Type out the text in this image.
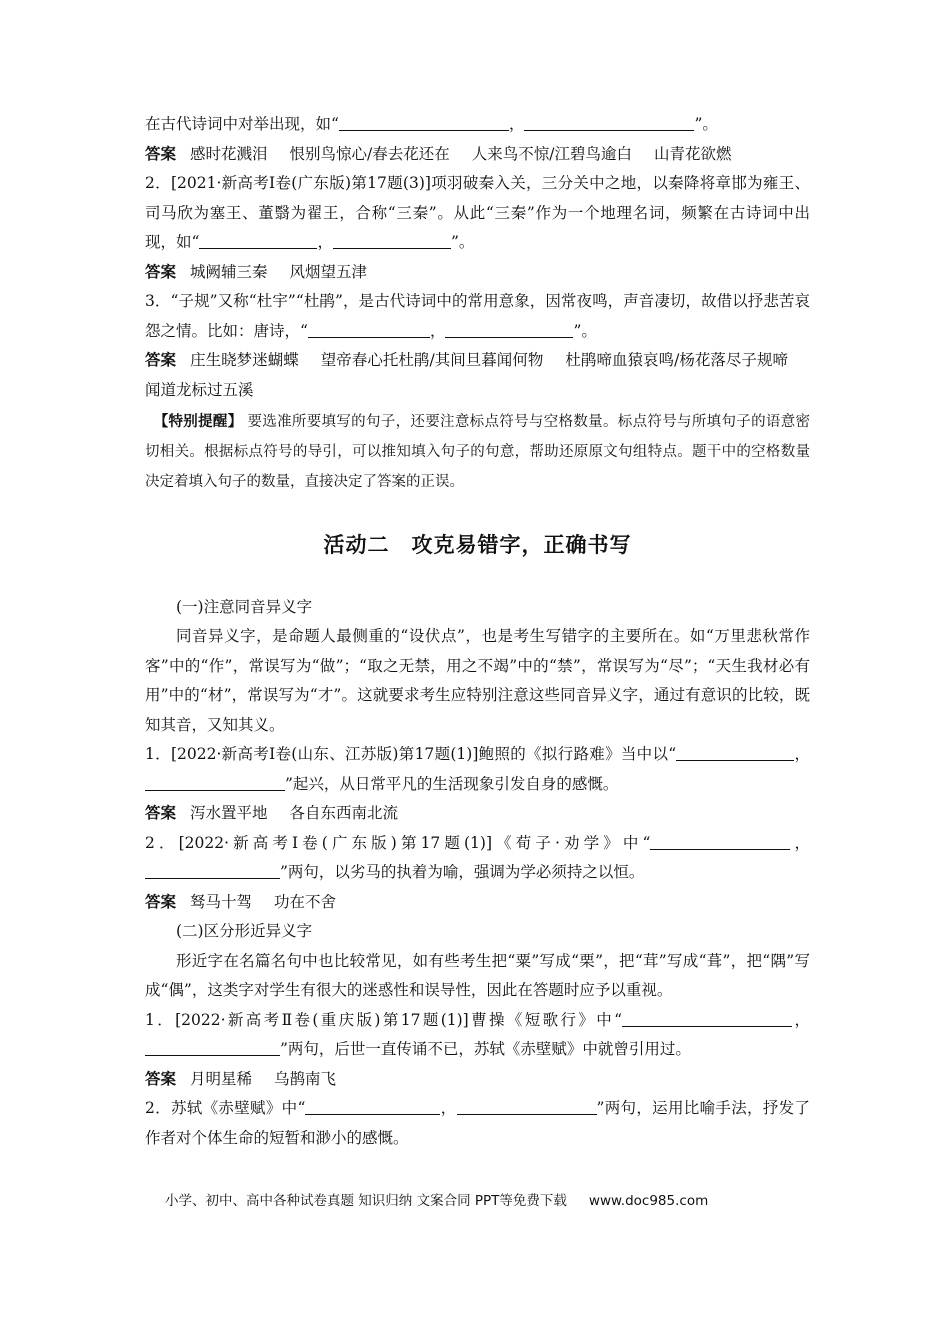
在古代诗词中对举出现，如“	，	”。

答案 感时花溅泪 恨别鸟惊心/春去花还在 人来鸟不惊/江碧鸟逾白 山青花欲燃

2．[2021·新高考Ⅰ卷(广东版)第17题(3)]项羽破秦入关，三分关中之地，以秦降将章邯为雍王、司马欣为塞王、董翳为翟王，合称“三秦”。从此“三秦”作为一个地理名词，频繁在古诗词中出现，如“	，	”。

答案 城阙辅三秦 风烟望五津

3．“子规”又称“杜宇”“杜鹃”，是古代诗词中的常用意象，因常夜鸣，声音凄切，故借以抒悲苦哀怨之情。比如：唐诗，“	，	”。

答案 庄生晓梦迷蝴蝶 望帝春心托杜鹃/其间旦暮闻何物 杜鹃啼血猿哀鸣/杨花落尽子规啼闻道龙标过五溪

【特别提醒】 要选准所要填写的句子，还要注意标点符号与空格数量。标点符号与所填句子的语意密切相关。根据标点符号的导引，可以推知填入句子的句意，帮助还原原文句组特点。题干中的空格数量决定着填入句子的数量，直接决定了答案的正误。

活动二　攻克易错字，正确书写

(一)注意同音异义字

同音异义字，是命题人最侧重的“设伏点”，也是考生写错字的主要所在。如“万里悲秋常作客”中的“作”，常误写为“做”；“取之无禁，用之不竭”中的“禁”，常误写为“尽”；“天生我材必有用”中的“材”，常误写为“才”。这就要求考生应特别注意这些同音异义字，通过有意识的比较，既知其音，又知其义。

1．[2022·新高考Ⅰ卷(山东、江苏版)第17题(1)]鲍照的《拟行路难》当中以“	，”起兴，从日常平凡的生活现象引发自身的感慨。

答案 泻水置平地 各自东西南北流

2．[2022·新高考Ⅰ卷(广东版)第17题(1)]《荀子·劝学》中“	，”两句，以劣马的执着为喻，强调为学必须持之以恒。

答案 驽马十驾 功在不舍

(二)区分形近异义字

形近字在名篇名句中也比较常见，如有些考生把“粟”写成“栗”，把“茸”写成“葺”，把“隅”写成“偶”，这类字对学生有很大的迷惑性和误导性，因此在答题时应予以重视。

1．[2022·新高考Ⅱ卷(重庆版)第17题(1)]曹操《短歌行》中“	，”两句，后世一直传诵不已，苏轼《赤壁赋》中就曾引用过。

答案 月明星稀 乌鹊南飞

2．苏轼《赤壁赋》中“	，	”两句，运用比喻手法，抒发了作者对个体生命的短暂和渺小的感慨。

小学、初中、高中各种试卷真题 知识归纳 文案合同 PPT等免费下载 www.doc985.com
